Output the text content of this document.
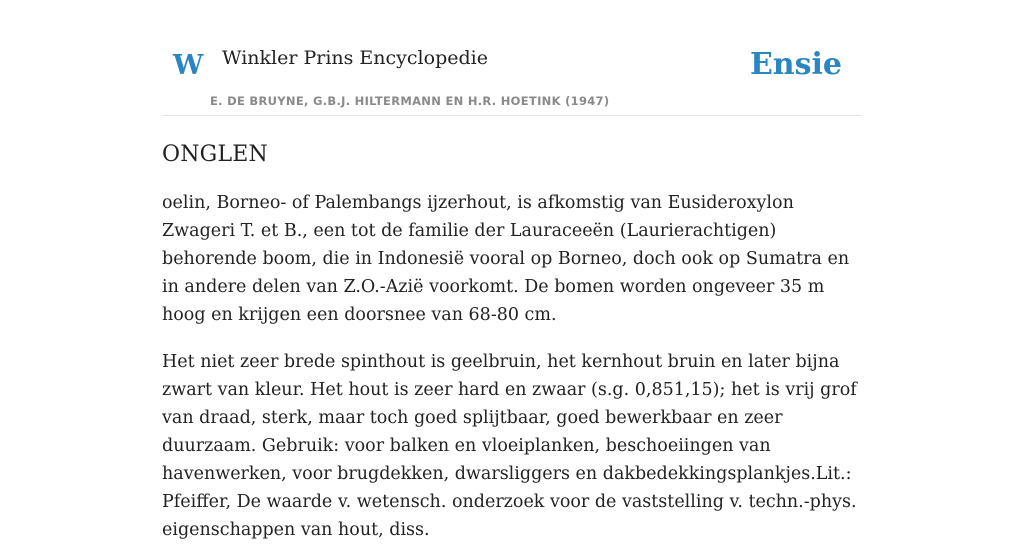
W Winkler Prins Encyclopedie
E. DE BRUYNE, G.B.J. HILTERMANN EN H.R. HOETINK (1947)
Ensie
ONGLEN

oelin, Borneo- of Palembangs ijzerhout, is afkomstig van Eusideroxylon Zwageri T. et B., een tot de familie der Lauraceeën (Laurierachtigen) behorende boom, die in Indonesië vooral op Borneo, doch ook op Sumatra en in andere delen van Z.O.-Azië voorkomt. De bomen worden ongeveer 35 m hoog en krijgen een doorsnee van 68-80 cm.

Het niet zeer brede spinthout is geelbruin, het kernhout bruin en later bijna zwart van kleur. Het hout is zeer hard en zwaar (s.g. 0,851,15); het is vrij grof van draad, sterk, maar toch goed splijtbaar, goed bewerkbaar en zeer duurzaam. Gebruik: voor balken en vloeiplanken, beschoeiingen van havenwerken, voor brugdekken, dwarsliggers en dakbedekkingsplankjes.Lit.: Pfeiffer, De waarde v. wetensch. onderzoek voor de vaststelling v. techn.-phys. eigenschappen van hout, diss.
